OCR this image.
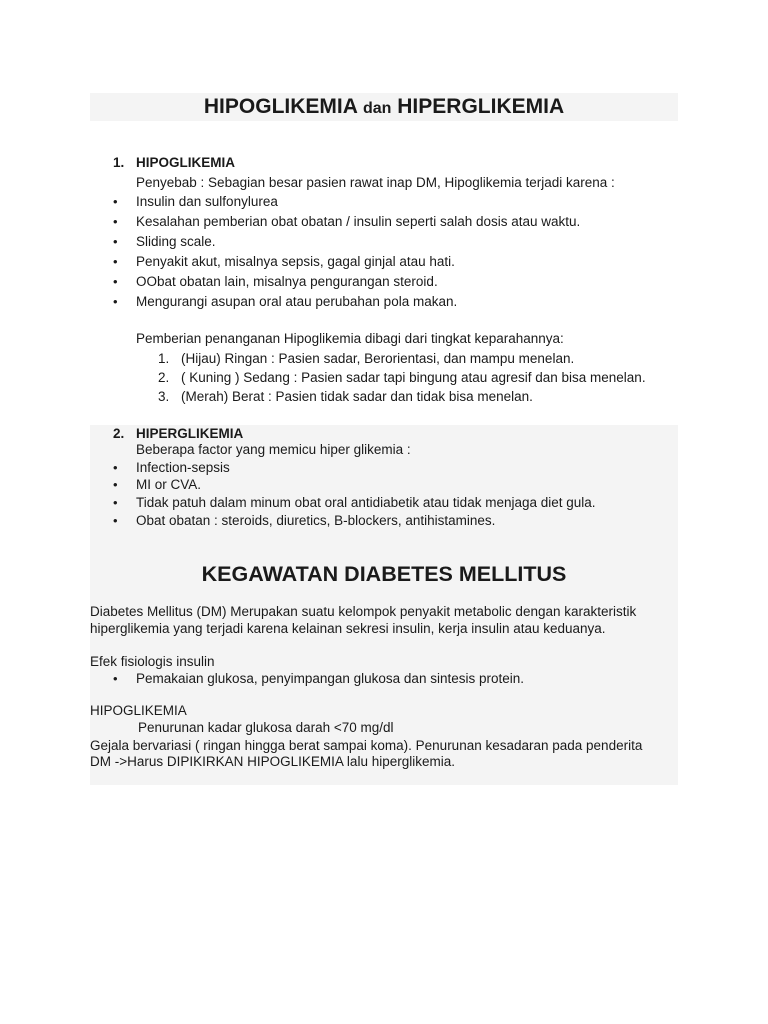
HIPOGLIKEMIA dan HIPERGLIKEMIA
1. HIPOGLIKEMIA
Penyebab : Sebagian besar pasien rawat inap DM, Hipoglikemia terjadi karena :
• Insulin dan sulfonylurea
• Kesalahan pemberian obat obatan / insulin seperti salah dosis atau waktu.
• Sliding scale.
• Penyakit akut, misalnya sepsis, gagal ginjal atau hati.
• OObat obatan lain, misalnya pengurangan steroid.
• Mengurangi asupan oral atau perubahan pola makan.
Pemberian penanganan Hipoglikemia dibagi dari tingkat keparahannya:
1. (Hijau) Ringan : Pasien sadar, Berorientasi, dan mampu menelan.
2. ( Kuning ) Sedang : Pasien sadar tapi bingung atau agresif dan bisa menelan.
3. (Merah) Berat : Pasien tidak sadar dan tidak bisa menelan.
2. HIPERGLIKEMIA
Beberapa factor yang memicu hiper glikemia :
• Infection-sepsis
• MI or CVA.
• Tidak patuh dalam minum obat oral antidiabetik atau tidak menjaga diet gula.
• Obat obatan : steroids, diuretics, B-blockers, antihistamines.
KEGAWATAN DIABETES MELLITUS
Diabetes Mellitus (DM) Merupakan suatu kelompok penyakit metabolic dengan karakteristik
hiperglikemia yang terjadi karena kelainan sekresi insulin, kerja insulin atau keduanya.
Efek fisiologis insulin
• Pemakaian glukosa, penyimpangan glukosa dan sintesis protein.
HIPOGLIKEMIA
Penurunan kadar glukosa darah <70 mg/dl
Gejala bervariasi ( ringan hingga berat sampai koma). Penurunan kesadaran pada penderita
DM ->Harus DIPIKIRKAN HIPOGLIKEMIA lalu hiperglikemia.
